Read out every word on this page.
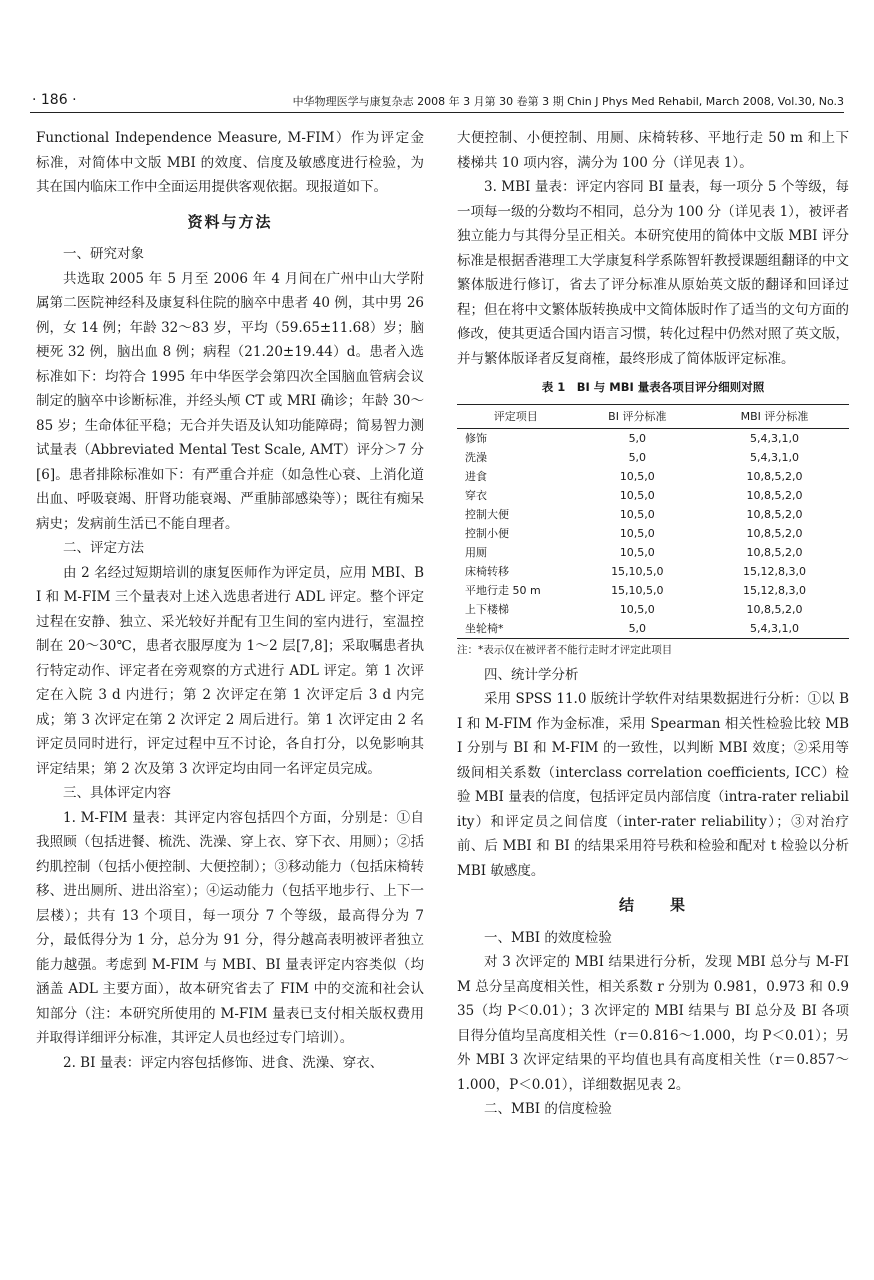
· 186 ·	中华物理医学与康复杂志 2008 年 3 月第 30 卷第 3 期 Chin J Phys Med Rehabil, March 2008, Vol.30, No.3

Functional Independence Measure, M-FIM）作为评定金标准，对简体中文版 MBI 的效度、信度及敏感度进行检验，为其在国内临床工作中全面运用提供客观依据。现报道如下。

资料与方法

一、研究对象

共选取 2005 年 5 月至 2006 年 4 月间在广州中山大学附属第二医院神经科及康复科住院的脑卒中患者 40 例，其中男 26 例，女 14 例；年龄 32～83 岁，平均（59.65±11.68）岁；脑梗死 32 例，脑出血 8 例；病程（21.20±19.44）d。患者入选标准如下：均符合 1995 年中华医学会第四次全国脑血管病会议制定的脑卒中诊断标准，并经头颅 CT 或 MRI 确诊；年龄 30～85 岁；生命体征平稳；无合并失语及认知功能障碍；简易智力测试量表（Abbreviated Mental Test Scale, AMT）评分＞7 分[6]。患者排除标准如下：有严重合并症（如急性心衰、上消化道出血、呼吸衰竭、肝肾功能衰竭、严重肺部感染等）；既往有痴呆病史；发病前生活已不能自理者。

二、评定方法

由 2 名经过短期培训的康复医师作为评定员，应用 MBI、BI 和 M-FIM 三个量表对上述入选患者进行 ADL 评定。整个评定过程在安静、独立、采光较好并配有卫生间的室内进行，室温控制在 20～30℃，患者衣服厚度为 1～2 层[7,8]；采取嘱患者执行特定动作、评定者在旁观察的方式进行 ADL 评定。第 1 次评定在入院 3 d 内进行；第 2 次评定在第 1 次评定后 3 d 内完成；第 3 次评定在第 2 次评定 2 周后进行。第 1 次评定由 2 名评定员同时进行，评定过程中互不讨论，各自打分，以免影响其评定结果；第 2 次及第 3 次评定均由同一名评定员完成。

三、具体评定内容

1. M-FIM 量表：其评定内容包括四个方面，分别是：①自我照顾（包括进餐、梳洗、洗澡、穿上衣、穿下衣、用厕）；②括约肌控制（包括小便控制、大便控制）；③移动能力（包括床椅转移、进出厕所、进出浴室）；④运动能力（包括平地步行、上下一层楼）；共有 13 个项目，每一项分 7 个等级，最高得分为 7 分，最低得分为 1 分，总分为 91 分，得分越高表明被评者独立能力越强。考虑到 M-FIM 与 MBI、BI 量表评定内容类似（均涵盖 ADL 主要方面），故本研究省去了 FIM 中的交流和社会认知部分（注：本研究所使用的 M-FIM 量表已支付相关版权费用并取得详细评分标准，其评定人员也经过专门培训）。

2. BI 量表：评定内容包括修饰、进食、洗澡、穿衣、

大便控制、小便控制、用厕、床椅转移、平地行走 50 m 和上下楼梯共 10 项内容，满分为 100 分（详见表 1）。

3. MBI 量表：评定内容同 BI 量表，每一项分 5 个等级，每一项每一级的分数均不相同，总分为 100 分（详见表 1），被评者独立能力与其得分呈正相关。本研究使用的简体中文版 MBI 评分标准是根据香港理工大学康复科学系陈智轩教授课题组翻译的中文繁体版进行修订，省去了评分标准从原始英文版的翻译和回译过程；但在将中文繁体版转换成中文简体版时作了适当的文句方面的修改，使其更适合国内语言习惯，转化过程中仍然对照了英文版，并与繁体版译者反复商榷，最终形成了简体版评定标准。

表 1　BI 与 MBI 量表各项目评分细则对照
评定项目	BI 评分标准	MBI 评分标准
修饰	5,0	5,4,3,1,0
洗澡	5,0	5,4,3,1,0
进食	10,5,0	10,8,5,2,0
穿衣	10,5,0	10,8,5,2,0
控制大便	10,5,0	10,8,5,2,0
控制小便	10,5,0	10,8,5,2,0
用厕	10,5,0	10,8,5,2,0
床椅转移	15,10,5,0	15,12,8,3,0
平地行走 50 m	15,10,5,0	15,12,8,3,0
上下楼梯	10,5,0	10,8,5,2,0
坐轮椅*	5,0	5,4,3,1,0
注：*表示仅在被评者不能行走时才评定此项目

四、统计学分析

采用 SPSS 11.0 版统计学软件对结果数据进行分析：①以 BI 和 M-FIM 作为金标准，采用 Spearman 相关性检验比较 MBI 分别与 BI 和 M-FIM 的一致性，以判断 MBI 效度；②采用等级间相关系数（interclass correlation coefficients, ICC）检验 MBI 量表的信度，包括评定员内部信度（intra-rater reliability）和评定员之间信度（inter-rater reliability）；③对治疗前、后 MBI 和 BI 的结果采用符号秩和检验和配对 t 检验以分析 MBI 敏感度。

结　　果

一、MBI 的效度检验

对 3 次评定的 MBI 结果进行分析，发现 MBI 总分与 M-FIM 总分呈高度相关性，相关系数 r 分别为 0.981，0.973 和 0.935（均 P＜0.01）；3 次评定的 MBI 结果与 BI 总分及 BI 各项目得分值均呈高度相关性（r＝0.816～1.000，均 P＜0.01）；另外 MBI 3 次评定结果的平均值也具有高度相关性（r＝0.857～1.000，P＜0.01），详细数据见表 2。

二、MBI 的信度检验
